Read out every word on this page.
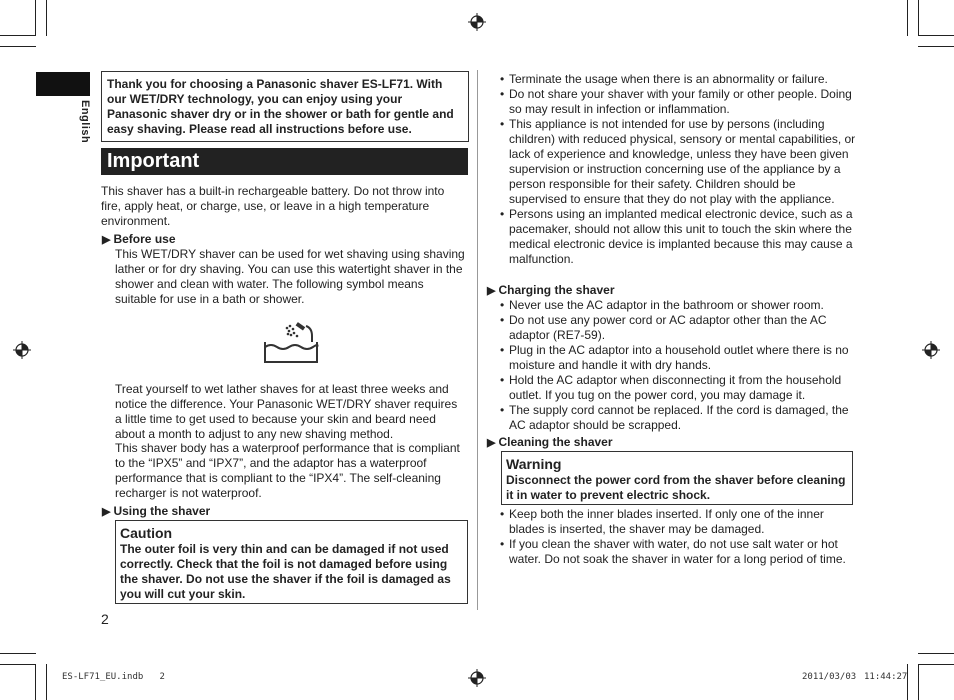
English
Thank you for choosing a Panasonic shaver ES-LF71. With our WET/DRY technology, you can enjoy using your Panasonic shaver dry or in the shower or bath for gentle and easy shaving. Please read all instructions before use.
Important
This shaver has a built-in rechargeable battery. Do not throw into fire, apply heat, or charge, use, or leave in a high temperature environment.
▶ Before use
This WET/DRY shaver can be used for wet shaving using shaving lather or for dry shaving. You can use this watertight shaver in the shower and clean with water. The following symbol means suitable for use in a bath or shower.
Treat yourself to wet lather shaves for at least three weeks and notice the difference. Your Panasonic WET/DRY shaver requires a little time to get used to because your skin and beard need about a month to adjust to any new shaving method.
This shaver body has a waterproof performance that is compliant to the “IPX5” and “IPX7”, and the adaptor has a waterproof performance that is compliant to the “IPX4”. The self-cleaning recharger is not waterproof.
▶ Using the shaver
Caution
The outer foil is very thin and can be damaged if not used correctly. Check that the foil is not damaged before using the shaver. Do not use the shaver if the foil is damaged as you will cut your skin.
2
• Terminate the usage when there is an abnormality or failure.
• Do not share your shaver with your family or other people. Doing so may result in infection or inflammation.
• This appliance is not intended for use by persons (including children) with reduced physical, sensory or mental capabilities, or lack of experience and knowledge, unless they have been given supervision or instruction concerning use of the appliance by a person responsible for their safety. Children should be supervised to ensure that they do not play with the appliance.
• Persons using an implanted medical electronic device, such as a pacemaker, should not allow this unit to touch the skin where the medical electronic device is implanted because this may cause a malfunction.
▶ Charging the shaver
• Never use the AC adaptor in the bathroom or shower room.
• Do not use any power cord or AC adaptor other than the AC adaptor (RE7-59).
• Plug in the AC adaptor into a household outlet where there is no moisture and handle it with dry hands.
• Hold the AC adaptor when disconnecting it from the household outlet. If you tug on the power cord, you may damage it.
• The supply cord cannot be replaced. If the cord is damaged, the AC adaptor should be scrapped.
▶ Cleaning the shaver
Warning
Disconnect the power cord from the shaver before cleaning it in water to prevent electric shock.
• Keep both the inner blades inserted. If only one of the inner blades is inserted, the shaver may be damaged.
• If you clean the shaver with water, do not use salt water or hot water. Do not soak the shaver in water for a long period of time.
ES-LF71_EU.indb   2	2011/03/03 11:44:27
